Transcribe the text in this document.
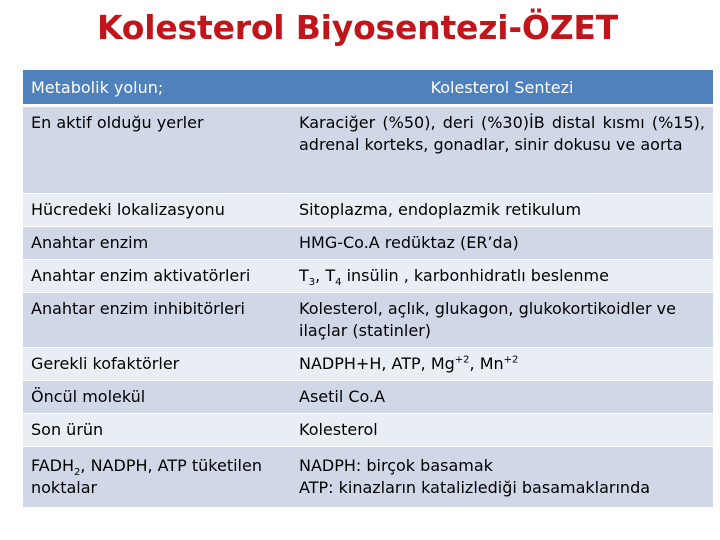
Kolesterol Biyosentezi-ÖZET
Metabolik yolun;	Kolesterol Sentezi
En aktif olduğu yerler	Karaciğer (%50), deri (%30)İB distal kısmı (%15), adrenal korteks, gonadlar, sinir dokusu ve aorta
Hücredeki lokalizasyonu	Sitoplazma, endoplazmik retikulum
Anahtar enzim	HMG-Co.A redüktaz (ER’da)
Anahtar enzim aktivatörleri	$T_3$, $T_4$ insülin , karbonhidratlı beslenme
Anahtar enzim inhibitörleri	Kolesterol, açlık, glukagon, glukokortikoidler ve ilaçlar (statinler)
Gerekli kofaktörler	NADPH+H, ATP, $Mg^{+2}$, $Mn^{+2}$
Öncül molekül	Asetil Co.A
Son ürün	Kolesterol
$FADH_2$, NADPH, ATP tüketilen noktalar	NADPH: birçok basamak
ATP: kinazların katalizlediği basamaklarında
